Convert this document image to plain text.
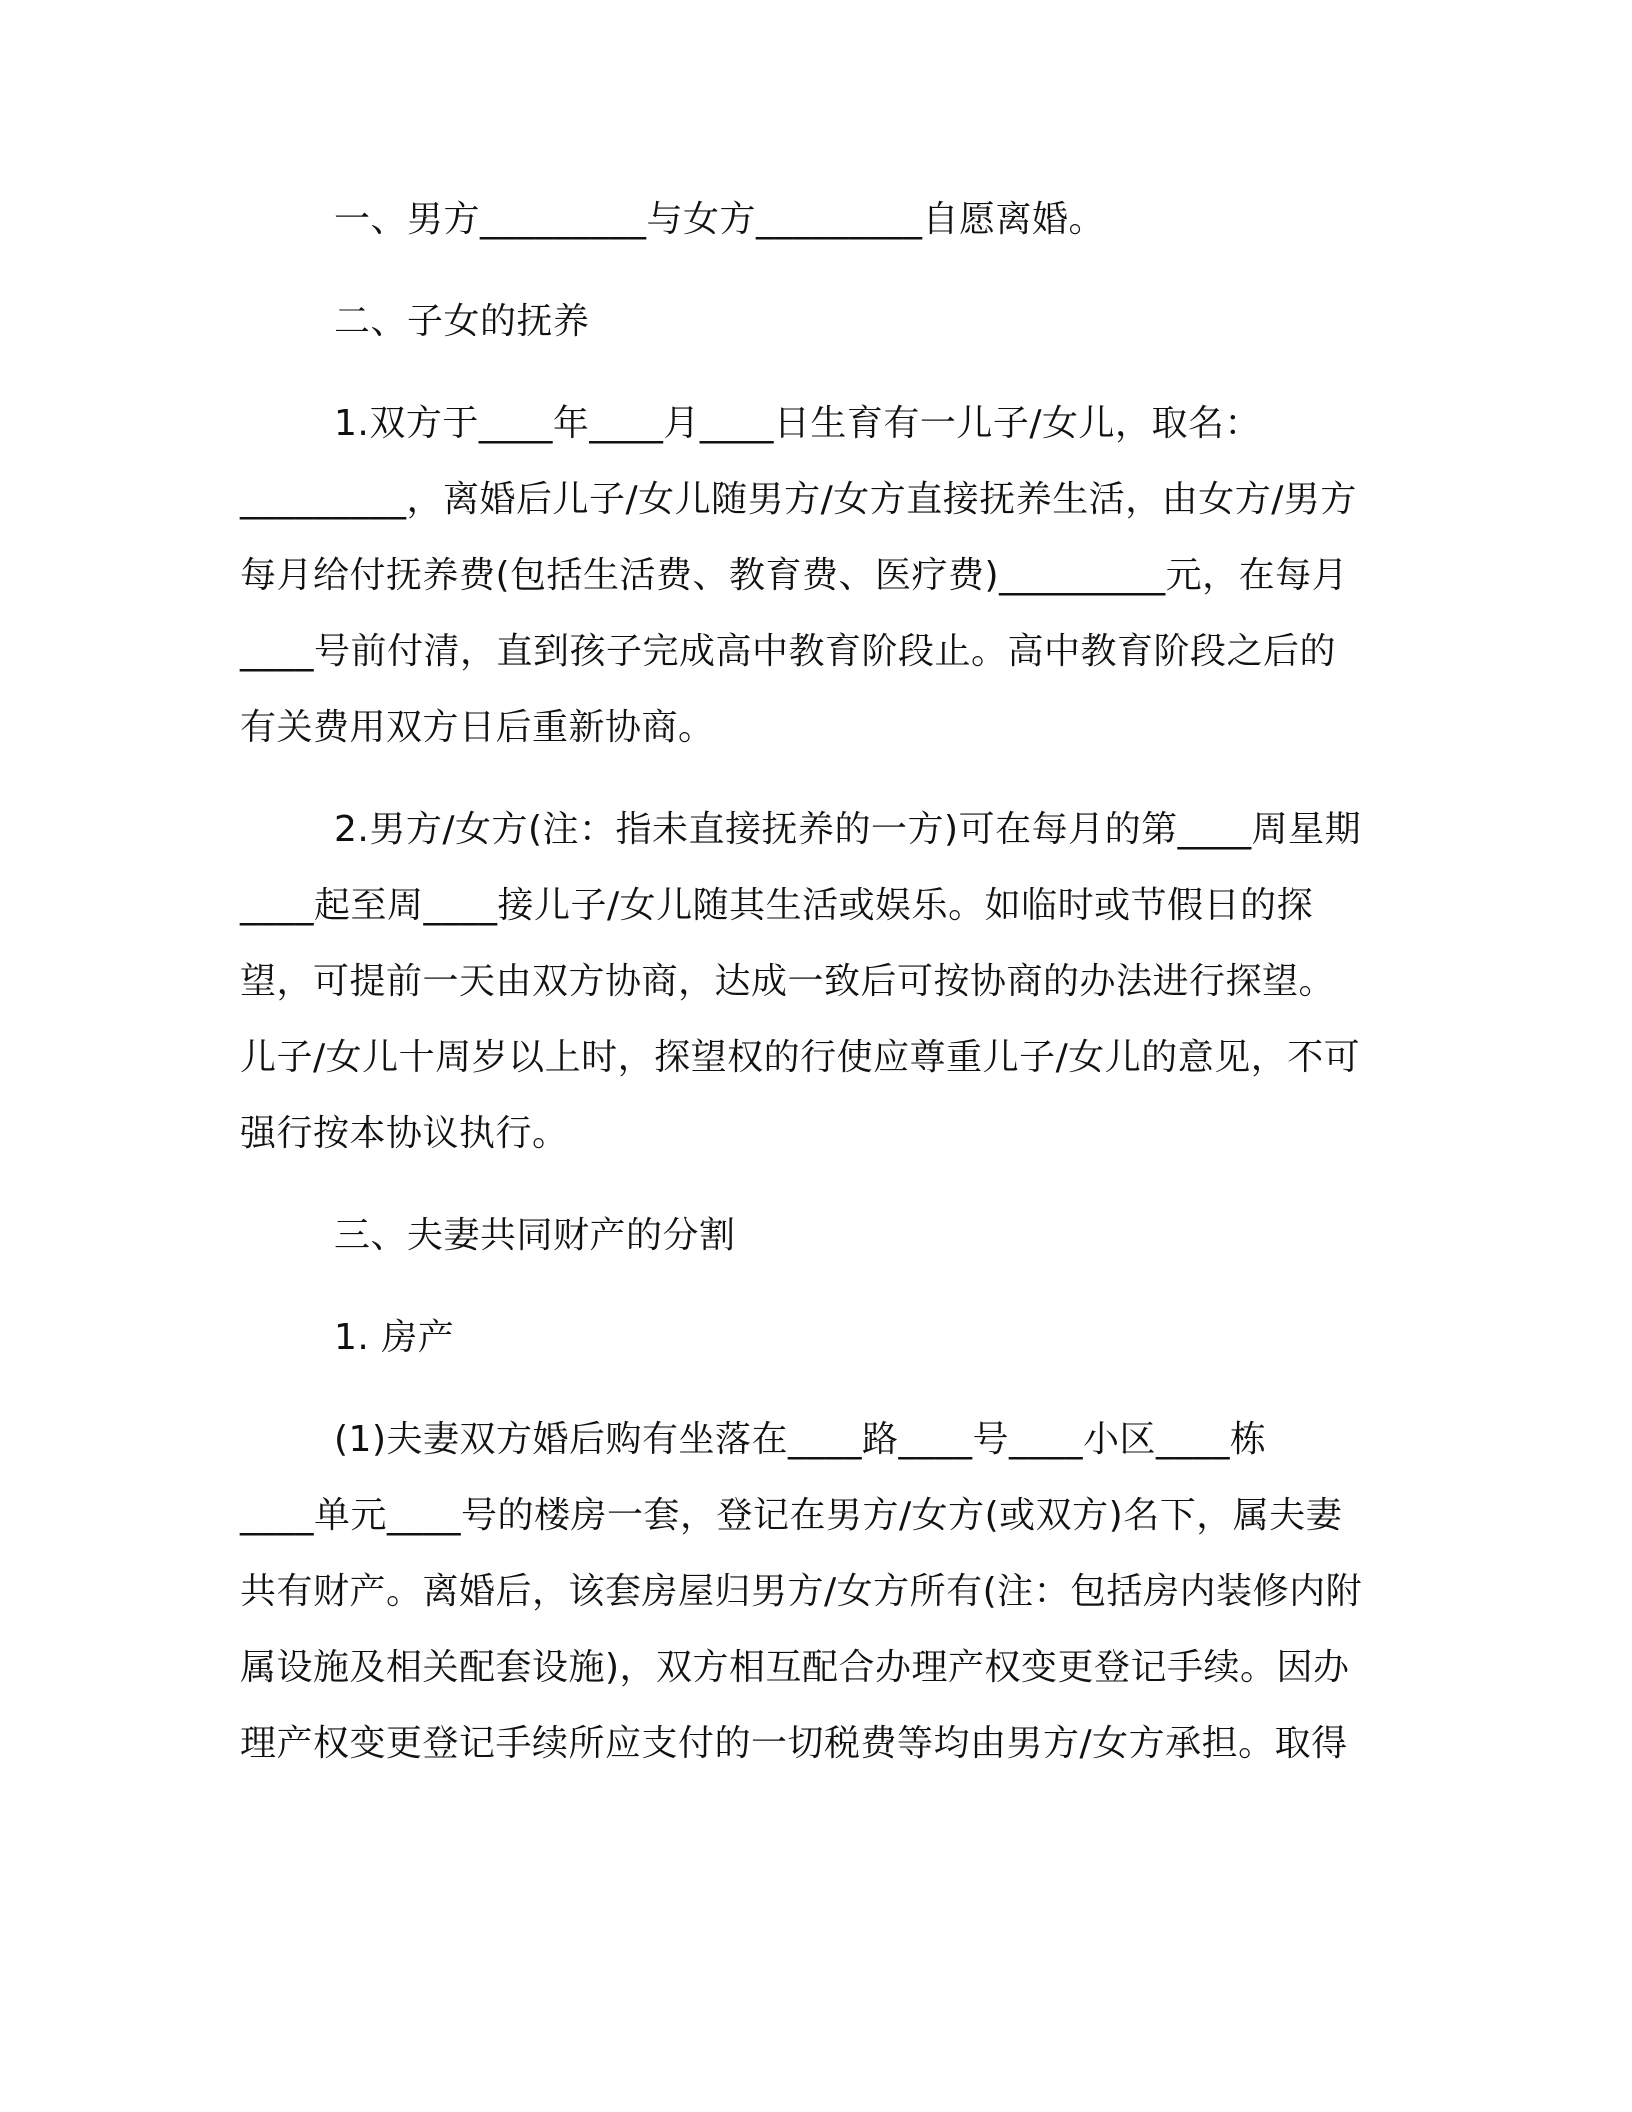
一、男方_________与女方_________自愿离婚。
二、子女的抚养
1.双方于____年____月____日生育有一儿子/女儿，取名：
_________，离婚后儿子/女儿随男方/女方直接抚养生活，由女方/男方
每月给付抚养费(包括生活费、教育费、医疗费)_________元，在每月
____号前付清，直到孩子完成高中教育阶段止。高中教育阶段之后的
有关费用双方日后重新协商。
2.男方/女方(注：指未直接抚养的一方)可在每月的第____周星期
____起至周____接儿子/女儿随其生活或娱乐。如临时或节假日的探
望，可提前一天由双方协商，达成一致后可按协商的办法进行探望。
儿子/女儿十周岁以上时，探望权的行使应尊重儿子/女儿的意见，不可
强行按本协议执行。
三、夫妻共同财产的分割
1. 房产
(1)夫妻双方婚后购有坐落在____路____号____小区____栋
____单元____号的楼房一套，登记在男方/女方(或双方)名下，属夫妻
共有财产。离婚后，该套房屋归男方/女方所有(注：包括房内装修内附
属设施及相关配套设施)，双方相互配合办理产权变更登记手续。因办
理产权变更登记手续所应支付的一切税费等均由男方/女方承担。取得
